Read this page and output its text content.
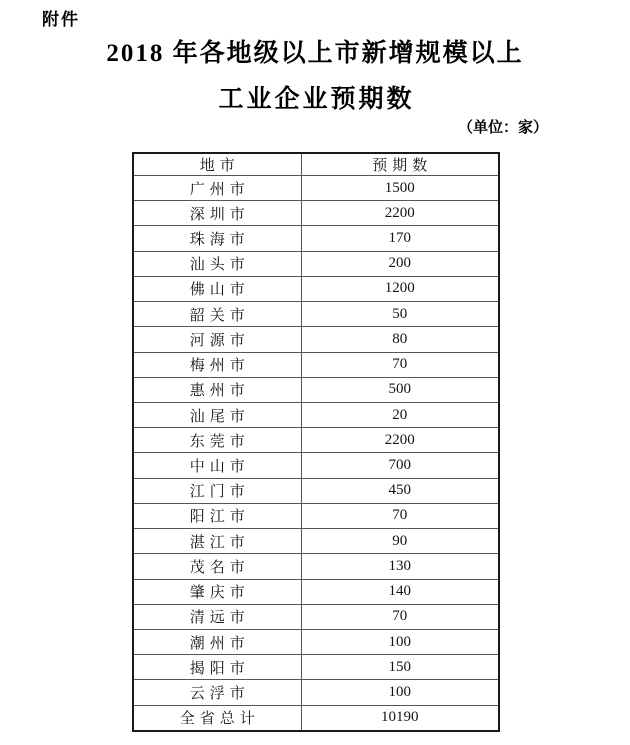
附件
2018 年各地级以上市新增规模以上
工业企业预期数
（单位：家）
地市	预期数
广州市	1500
深圳市	2200
珠海市	170
汕头市	200
佛山市	1200
韶关市	50
河源市	80
梅州市	70
惠州市	500
汕尾市	20
东莞市	2200
中山市	700
江门市	450
阳江市	70
湛江市	90
茂名市	130
肇庆市	140
清远市	70
潮州市	100
揭阳市	150
云浮市	100
全省总计	10190
